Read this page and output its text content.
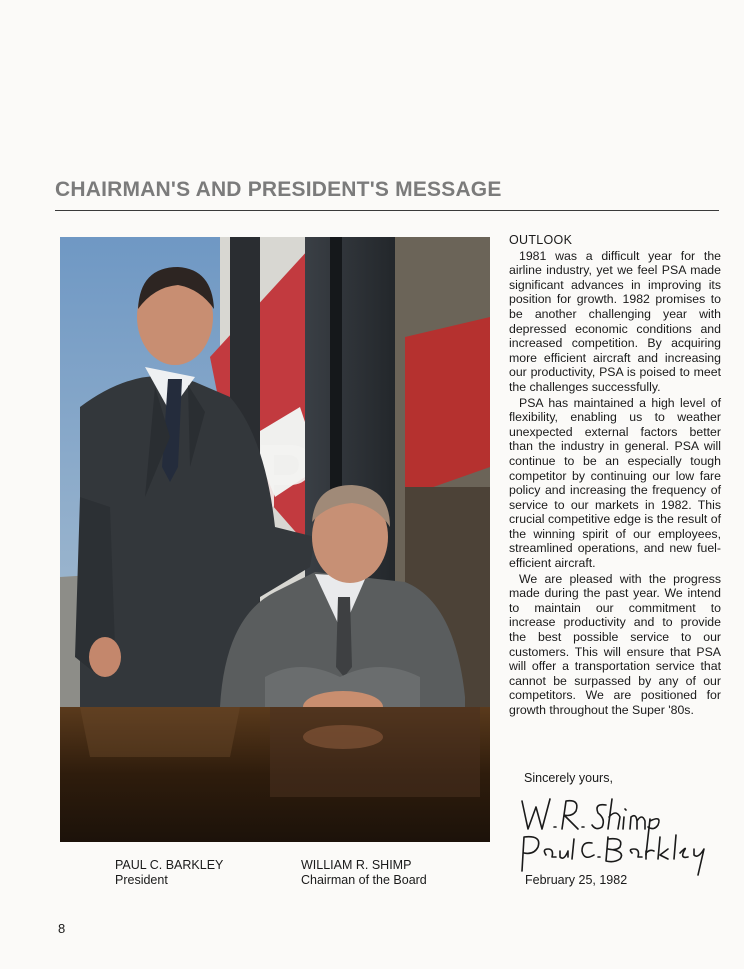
CHAIRMAN'S AND PRESIDENT'S MESSAGE
OUTLOOK

1981 was a difficult year for the airline industry, yet we feel PSA made significant advances in improving its position for growth. 1982 promises to be another challenging year with depressed economic conditions and increased competition. By acquiring more efficient aircraft and increasing our productivity, PSA is poised to meet the challenges successfully.

PSA has maintained a high level of flexibility, enabling us to weather unexpected external factors better than the industry in general. PSA will continue to be an especially tough competitor by continuing our low fare policy and increasing the frequency of service to our markets in 1982. This crucial competitive edge is the result of the winning spirit of our employees, streamlined operations, and new fuel-efficient aircraft.

We are pleased with the progress made during the past year. We intend to maintain our commitment to increase productivity and to provide the best possible service to our customers. This will ensure that PSA will offer a transportation service that cannot be surpassed by any of our competitors. We are positioned for growth throughout the Super '80s.

Sincerely yours,
February 25, 1982
PAUL C. BARKLEY
President
WILLIAM R. SHIMP
Chairman of the Board
8
